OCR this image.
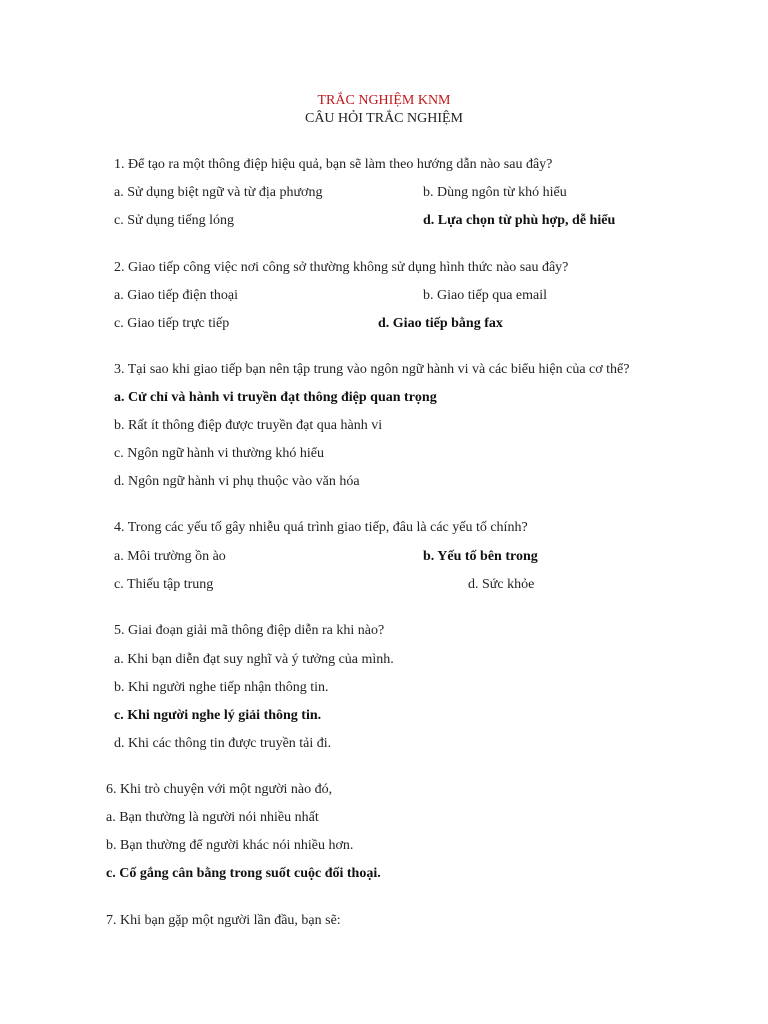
TRẮC NGHIỆM KNM
CÂU HỎI TRẮC NGHIỆM
1. Để tạo ra một thông điệp hiệu quả, bạn sẽ làm theo hướng dẫn nào sau đây?
a. Sử dụng biệt ngữ và từ địa phương	b. Dùng ngôn từ khó hiểu
c. Sử dụng tiếng lóng	d. Lựa chọn từ phù hợp, dễ hiểu
2. Giao tiếp công việc nơi công sở thường không sử dụng hình thức nào sau đây?
a. Giao tiếp điện thoại	b. Giao tiếp qua email
c. Giao tiếp trực tiếp	d. Giao tiếp bằng fax
3. Tại sao khi giao tiếp bạn nên tập trung vào ngôn ngữ hành vi và các biểu hiện của cơ thể?
a. Cử chỉ và hành vi truyền đạt thông điệp quan trọng
b. Rất ít thông điệp được truyền đạt qua hành vi
c. Ngôn ngữ hành vi thường khó hiểu
d. Ngôn ngữ hành vi phụ thuộc vào văn hóa
4. Trong các yếu tố gây nhiễu quá trình giao tiếp, đâu là các yếu tố chính?
a. Môi trường ồn ào	b. Yếu tố bên trong
c. Thiếu tập trung	d. Sức khỏe
5. Giai đoạn giải mã thông điệp diễn ra khi nào?
a. Khi bạn diễn đạt suy nghĩ và ý tưởng của mình.
b. Khi người nghe tiếp nhận thông tin.
c. Khi người nghe lý giải thông tin.
d. Khi các thông tin được truyền tải đi.
6. Khi trò chuyện với một người nào đó,
a. Bạn thường là người nói nhiều nhất
b. Bạn thường để người khác nói nhiều hơn.
c. Cố gắng cân bằng trong suốt cuộc đối thoại.
7. Khi bạn gặp một người lần đầu, bạn sẽ:
